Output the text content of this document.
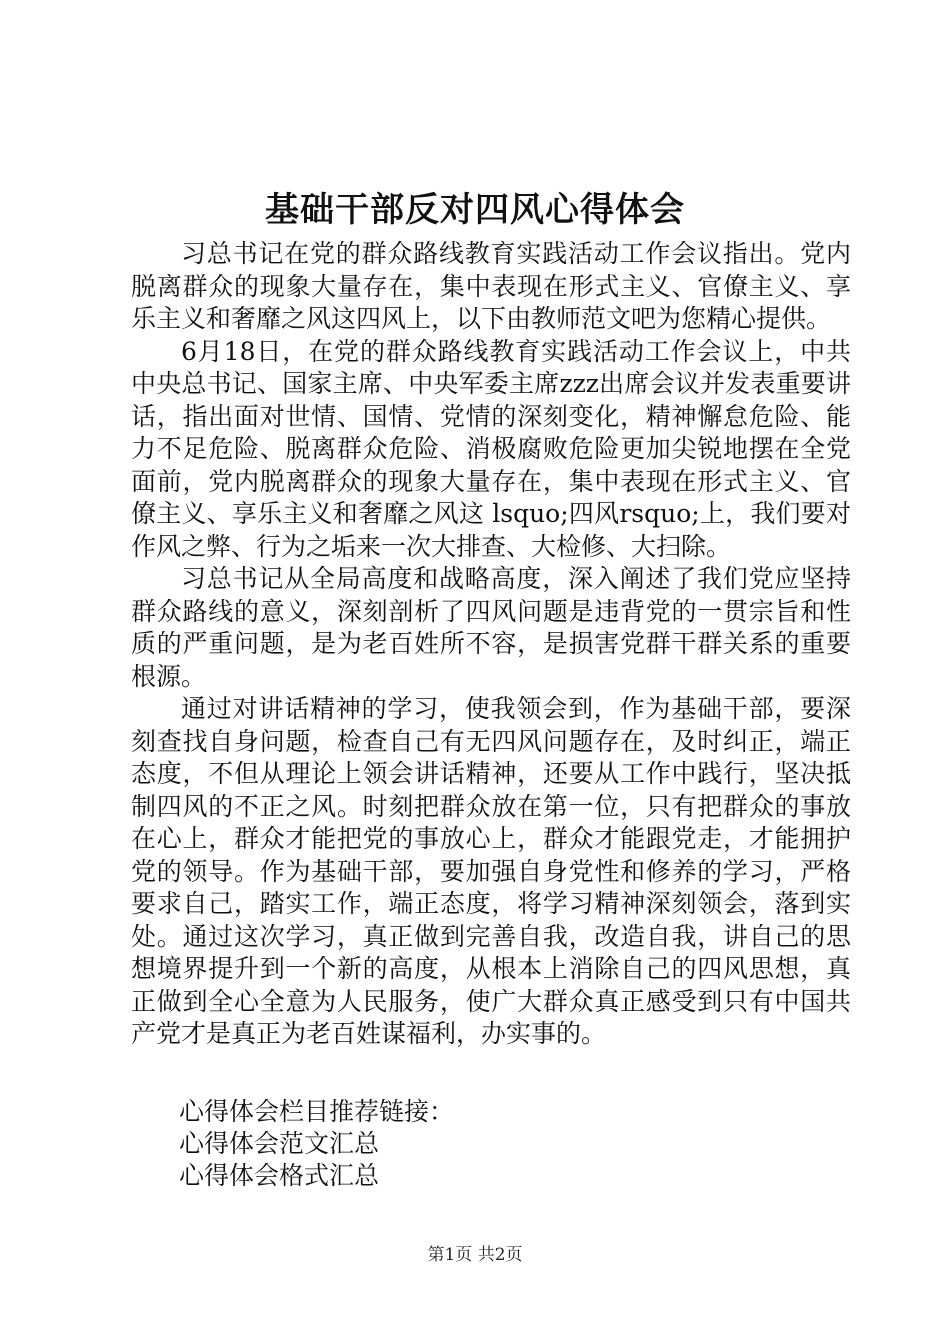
基础干部反对四风心得体会

习总书记在党的群众路线教育实践活动工作会议指出。党内脱离群众的现象大量存在，集中表现在形式主义、官僚主义、享乐主义和奢靡之风这四风上，以下由教师范文吧为您精心提供。

6月18日，在党的群众路线教育实践活动工作会议上，中共中央总书记、国家主席、中央军委主席zzz出席会议并发表重要讲话，指出面对世情、国情、党情的深刻变化，精神懈怠危险、能力不足危险、脱离群众危险、消极腐败危险更加尖锐地摆在全党面前，党内脱离群众的现象大量存在，集中表现在形式主义、官僚主义、享乐主义和奢靡之风这 lsquo;四风rsquo;上，我们要对作风之弊、行为之垢来一次大排查、大检修、大扫除。

习总书记从全局高度和战略高度，深入阐述了我们党应坚持群众路线的意义，深刻剖析了四风问题是违背党的一贯宗旨和性质的严重问题，是为老百姓所不容，是损害党群干群关系的重要根源。

通过对讲话精神的学习，使我领会到，作为基础干部，要深刻查找自身问题，检查自己有无四风问题存在，及时纠正，端正态度，不但从理论上领会讲话精神，还要从工作中践行，坚决抵制四风的不正之风。时刻把群众放在第一位，只有把群众的事放在心上，群众才能把党的事放心上，群众才能跟党走，才能拥护党的领导。作为基础干部，要加强自身党性和修养的学习，严格要求自己，踏实工作，端正态度，将学习精神深刻领会，落到实处。通过这次学习，真正做到完善自我，改造自我，讲自己的思想境界提升到一个新的高度，从根本上消除自己的四风思想，真正做到全心全意为人民服务，使广大群众真正感受到只有中国共产党才是真正为老百姓谋福利，办实事的。

心得体会栏目推荐链接：

心得体会范文汇总

心得体会格式汇总

第1页 共2页
